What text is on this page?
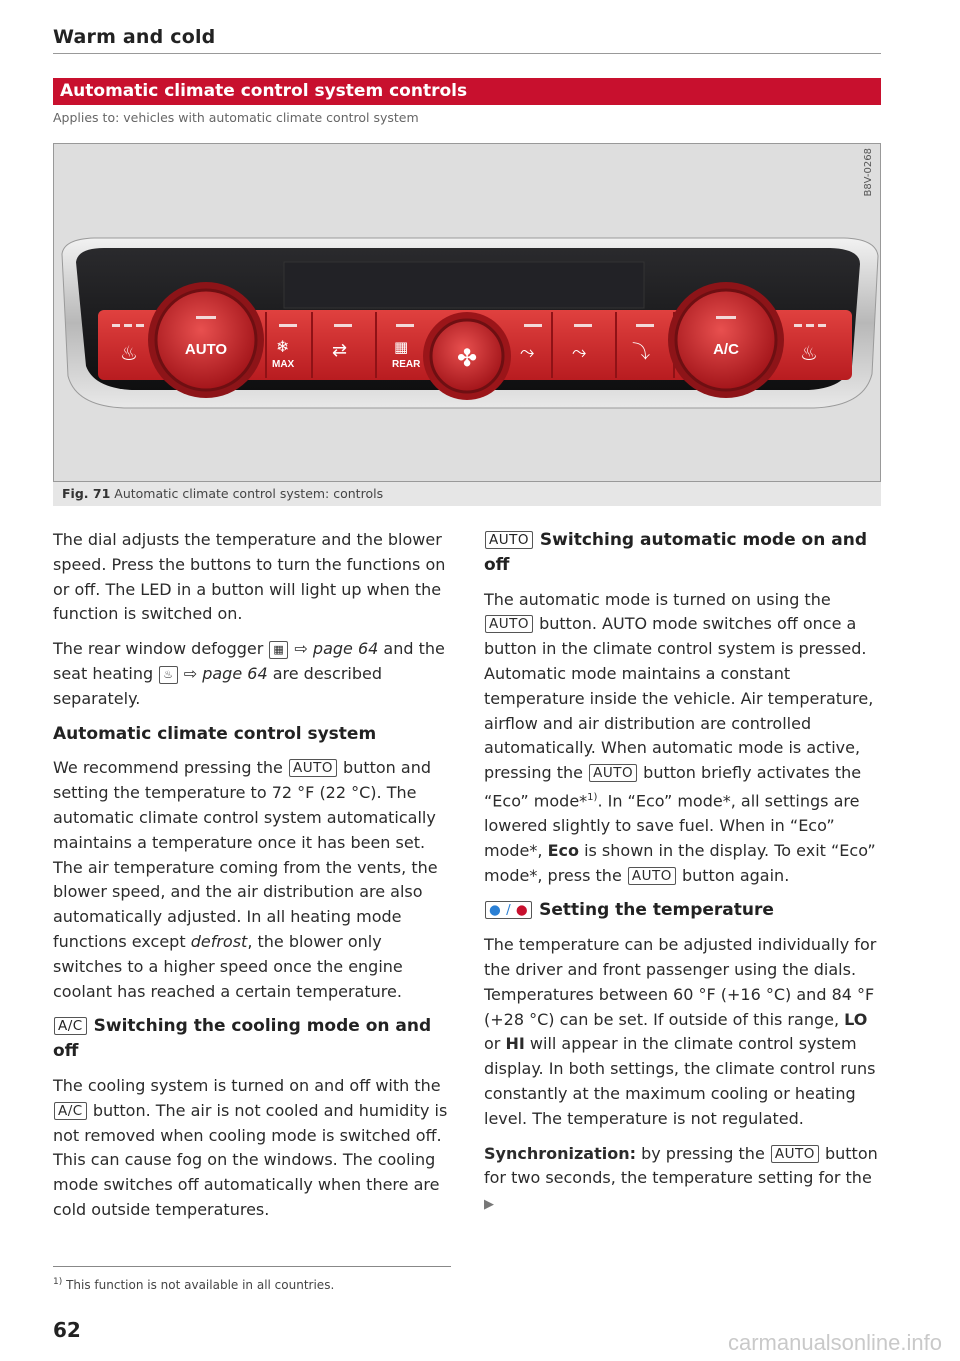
Warm and cold
Automatic climate control system controls
Applies to: vehicles with automatic climate control system
B8V-0268
♨	♨
❄
MAX
⇄	▦
REAR
⤳ ⤳	⤵
AUTO	A/C
✤
Fig. 71 Automatic climate control system: controls

The dial adjusts the temperature and the blower speed. Press the buttons to turn the functions on or off. The LED in a button will light up when the function is switched on.

The rear window defogger ▦ ⇨ page 64 and the seat heating ♨ ⇨ page 64 are described separately.

Automatic climate control system

We recommend pressing the AUTO button and setting the temperature to 72 °F (22 °C). The automatic climate control system automatically maintains a temperature once it has been set. The air temperature coming from the vents, the blower speed, and the air distribution are also automatically adjusted. In all heating mode functions except defrost, the blower only switches to a higher speed once the engine coolant has reached a certain temperature.

A/C Switching the cooling mode on and off

The cooling system is turned on and off with the A/C button. The air is not cooled and humidity is not removed when cooling mode is switched off. This can cause fog on the windows. The cooling mode switches off automatically when there are cold outside temperatures.

AUTO Switching automatic mode on and off

The automatic mode is turned on using the AUTO button. AUTO mode switches off once a button in the climate control system is pressed. Automatic mode maintains a constant temperature inside the vehicle. Air temperature, airflow and air distribution are controlled automatically. When automatic mode is active, pressing the AUTO button briefly activates the “Eco” mode*$^{1)}$. In “Eco” mode*, all settings are lowered slightly to save fuel. When in “Eco” mode*, Eco is shown in the display. To exit “Eco” mode*, press the AUTO button again.

● / ● Setting the temperature

The temperature can be adjusted individually for the driver and front passenger using the dials. Temperatures between 60 °F (+16 °C) and 84 °F (+28 °C) can be set. If outside of this range, LO or HI will appear in the climate control system display. In both settings, the climate control runs constantly at the maximum cooling or heating level. The temperature is not regulated.

Synchronization: by pressing the AUTO button for two seconds, the temperature setting for the ▶

$^{1)}$ This function is not available in all countries.
62	carmanualsonline.info
